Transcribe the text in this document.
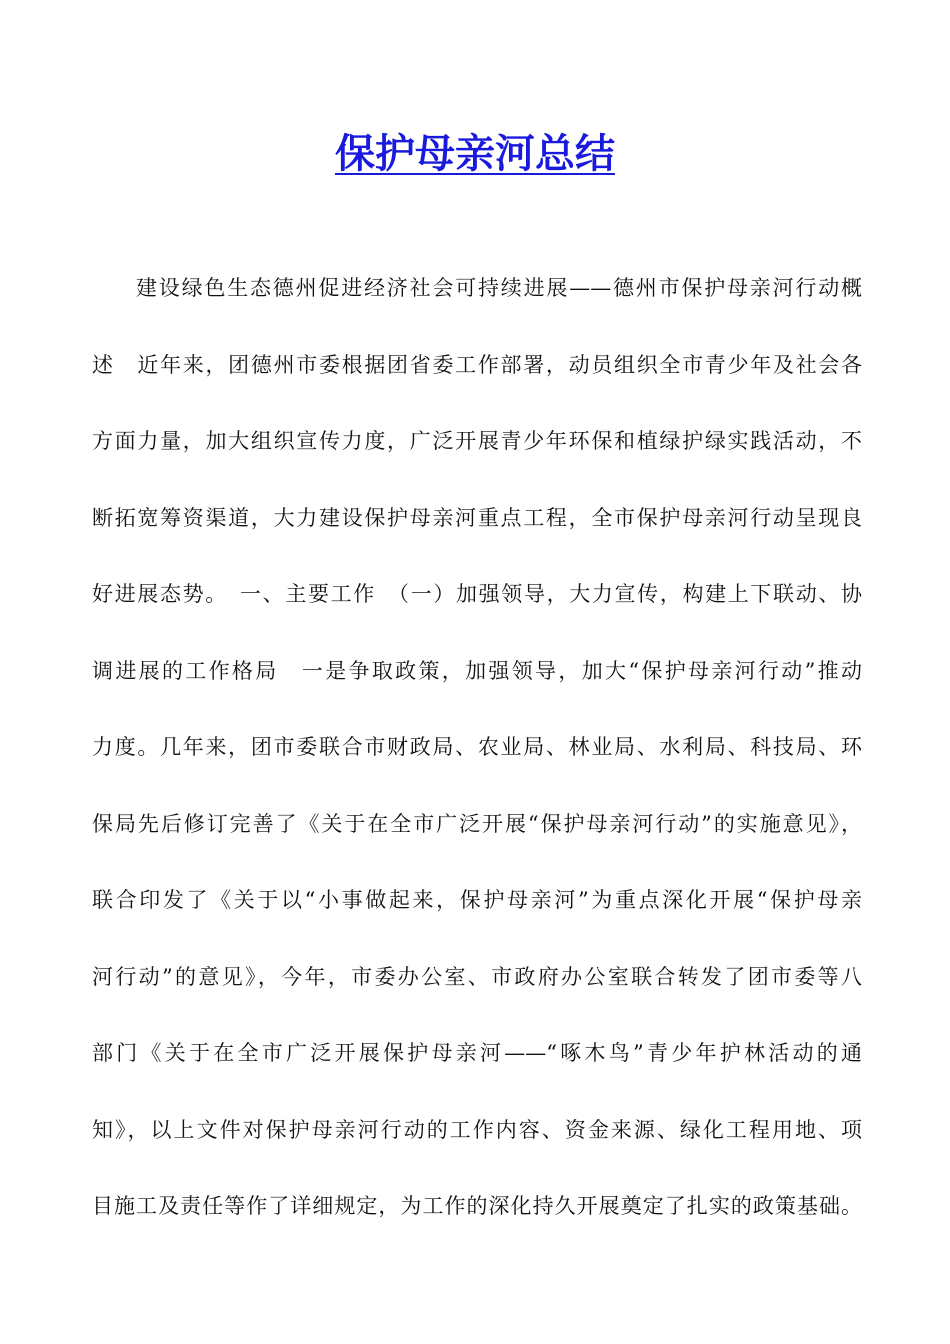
保护母亲河总结
建设绿色生态德州促进经济社会可持续进展——德州市保护母亲河行动概
述　近年来，团德州市委根据团省委工作部署，动员组织全市青少年及社会各
方面力量，加大组织宣传力度，广泛开展青少年环保和植绿护绿实践活动，不
断拓宽筹资渠道，大力建设保护母亲河重点工程，全市保护母亲河行动呈现良
好进展态势。　一、主要工作　（一）加强领导，大力宣传，构建上下联动、协
调进展的工作格局　一是争取政策，加强领导，加大“保护母亲河行动”推动
力度。几年来，团市委联合市财政局、农业局、林业局、水利局、科技局、环
保局先后修订完善了《关于在全市广泛开展“保护母亲河行动”的实施意见》，
联合印发了《关于以“小事做起来，保护母亲河”为重点深化开展“保护母亲
河行动”的意见》，今年，市委办公室、市政府办公室联合转发了团市委等八
部门《关于在全市广泛开展保护母亲河——“啄木鸟”青少年护林活动的通
知》，以上文件对保护母亲河行动的工作内容、资金来源、绿化工程用地、项
目施工及责任等作了详细规定，为工作的深化持久开展奠定了扎实的政策基础。
